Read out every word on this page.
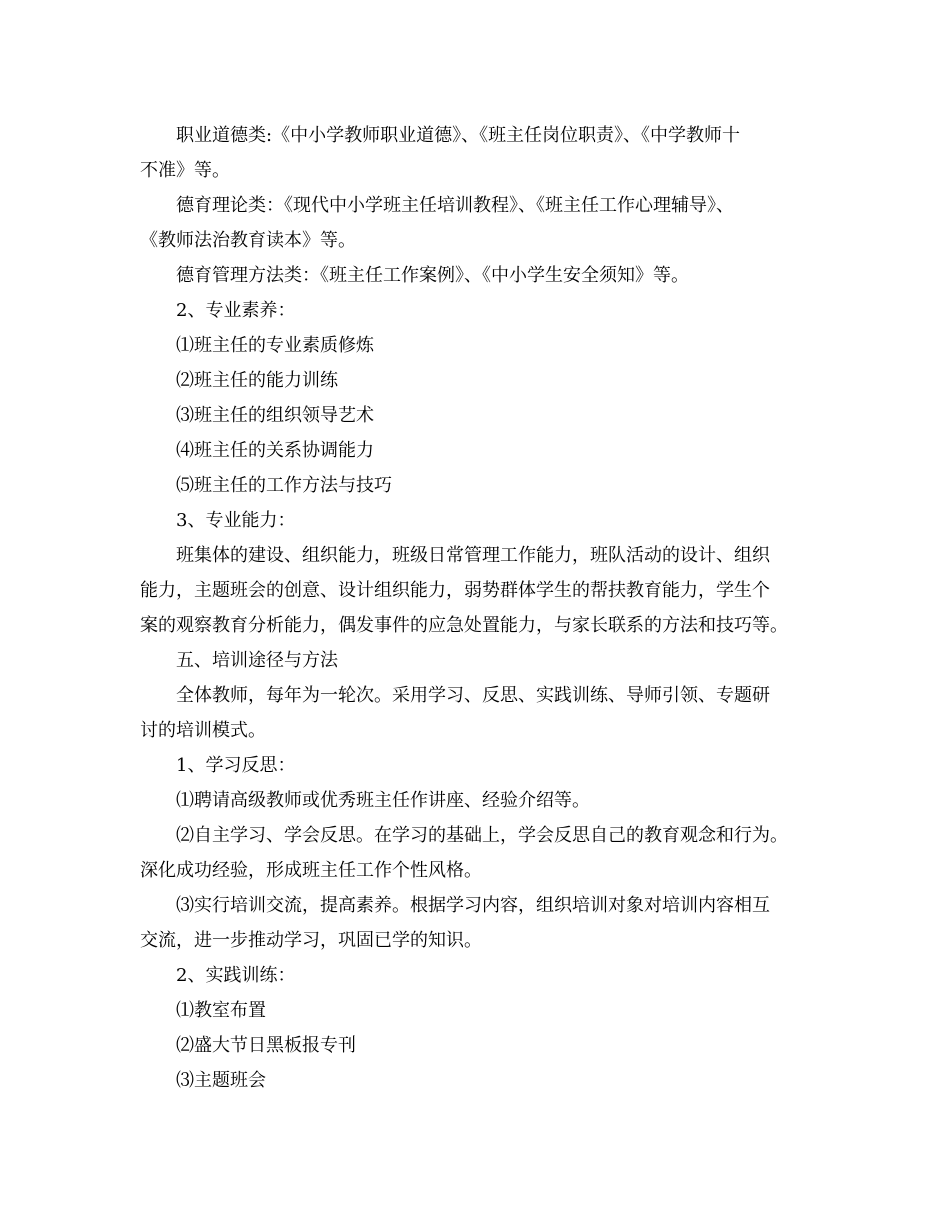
职业道德类:《中小学教师职业道德》、《班主任岗位职责》、《中学教师十

不准》等。

德育理论类：《现代中小学班主任培训教程》、《班主任工作心理辅导》、

《教师法治教育读本》等。

德育管理方法类：《班主任工作案例》、《中小学生安全须知》等。

2、专业素养：

⑴班主任的专业素质修炼

⑵班主任的能力训练

⑶班主任的组织领导艺术

⑷班主任的关系协调能力

⑸班主任的工作方法与技巧

3、专业能力：

班集体的建设、组织能力，班级日常管理工作能力，班队活动的设计、组织

能力，主题班会的创意、设计组织能力，弱势群体学生的帮扶教育能力，学生个

案的观察教育分析能力，偶发事件的应急处置能力，与家长联系的方法和技巧等。

五、培训途径与方法

全体教师，每年为一轮次。采用学习、反思、实践训练、导师引领、专题研

讨的培训模式。

1、学习反思：

⑴聘请高级教师或优秀班主任作讲座、经验介绍等。

⑵自主学习、学会反思。在学习的基础上，学会反思自己的教育观念和行为。

深化成功经验，形成班主任工作个性风格。

⑶实行培训交流，提高素养。根据学习内容，组织培训对象对培训内容相互

交流，进一步推动学习，巩固已学的知识。

2、实践训练：

⑴教室布置

⑵盛大节日黑板报专刊

⑶主题班会
